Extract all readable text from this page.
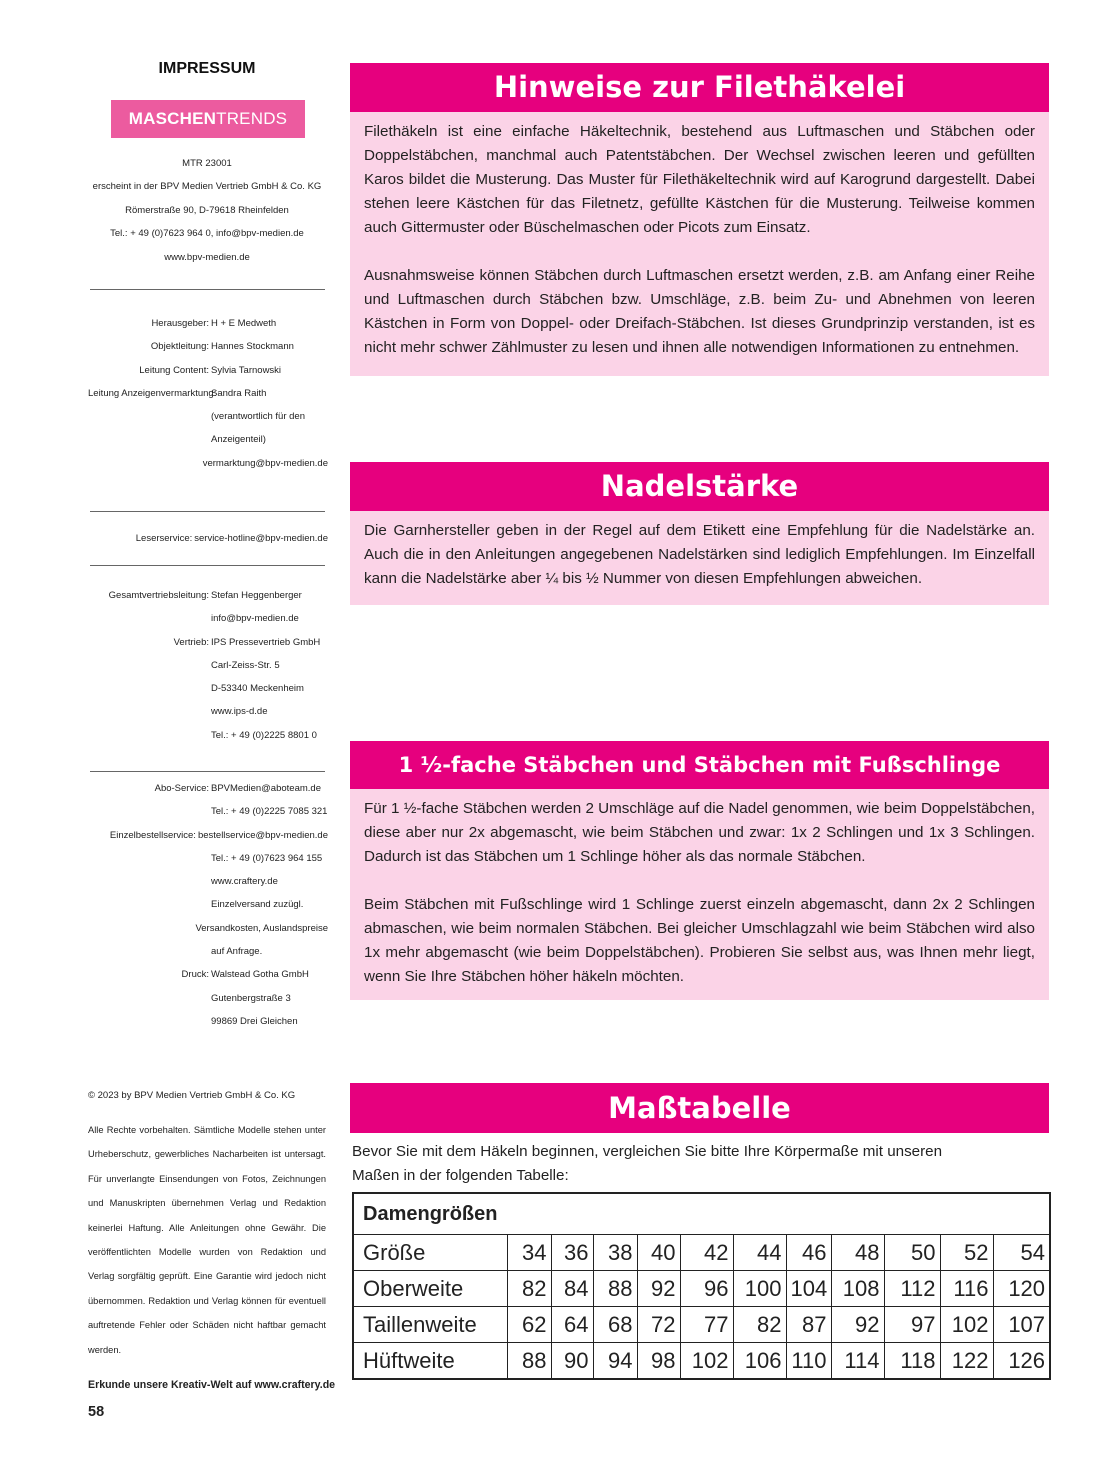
IMPRESSUM
MASCHEN TRENDS
MTR 23001
erscheint in der BPV Medien Vertrieb GmbH & Co. KG
Römerstraße 90, D-79618 Rheinfelden
Tel.: + 49 (0)7623 964 0, info@bpv-medien.de
www.bpv-medien.de
Herausgeber: H + E Medweth
Objektleitung: Hannes Stockmann
Leitung Content: Sylvia Tarnowski
Leitung Anzeigenvermarktung:
Sandra Raith
(verantwortlich für den
Anzeigenteil)
vermarktung@bpv-medien.de
Leserservice: service-hotline@bpv-medien.de
Gesamtvertriebsleitung: Stefan Heggenberger
info@bpv-medien.de
Vertrieb: IPS Pressevertrieb GmbH
Carl-Zeiss-Str. 5
D-53340 Meckenheim
www.ips-d.de
Tel.: + 49 (0)2225 8801 0
Abo-Service: BPVMedien@aboteam.de
Tel.: + 49 (0)2225 7085 321
Einzelbestellservice: bestellservice@bpv-medien.de
Tel.: + 49 (0)7623 964 155
www.craftery.de
Einzelversand zuzügl.
Versandkosten, Auslandspreise
auf Anfrage.
Druck: Walstead Gotha GmbH
Gutenbergstraße 3
99869 Drei Gleichen
© 2023 by BPV Medien Vertrieb GmbH & Co. KG
Alle Rechte vorbehalten. Sämtliche Modelle stehen unter Urheberschutz, gewerbliches Nacharbeiten ist untersagt. Für unverlangte Einsendungen von Fotos, Zeichnungen und Manuskripten übernehmen Verlag und Redaktion keinerlei Haftung. Alle Anleitungen ohne Gewähr. Die veröffentlichten Modelle wurden von Redaktion und Verlag sorgfältig geprüft. Eine Garantie wird jedoch nicht übernommen. Redaktion und Verlag können für eventuell auftretende Fehler oder Schäden nicht haftbar gemacht werden.
Erkunde unsere Kreativ-Welt auf www.craftery.de
58
Hinweise zur Filethäkelei

Filethäkeln ist eine einfache Häkeltechnik, bestehend aus Luftmaschen und Stäbchen oder Doppelstäbchen, manchmal auch Patentstäbchen. Der Wechsel zwischen leeren und gefüllten Karos bildet die Musterung. Das Muster für Filethäkeltechnik wird auf Karogrund dargestellt. Dabei stehen leere Kästchen für das Filetnetz, gefüllte Kästchen für die Musterung. Teilweise kommen auch Gittermuster oder Büschelmaschen oder Picots zum Einsatz.

Ausnahmsweise können Stäbchen durch Luftmaschen ersetzt werden, z.B. am Anfang einer Reihe und Luftmaschen durch Stäbchen bzw. Umschläge, z.B. beim Zu- und Abnehmen von leeren Kästchen in Form von Doppel- oder Dreifach-Stäbchen. Ist dieses Grundprinzip verstanden, ist es nicht mehr schwer Zählmuster zu lesen und ihnen alle notwendigen Informationen zu entnehmen.

Nadelstärke

Die Garnhersteller geben in der Regel auf dem Etikett eine Empfehlung für die Nadelstärke an. Auch die in den Anleitungen angegebenen Nadelstärken sind lediglich Empfehlungen. Im Einzelfall kann die Nadelstärke aber ¼ bis ½ Nummer von diesen Empfehlungen abweichen.

1 ½-fache Stäbchen und Stäbchen mit Fußschlinge

Für 1 ½-fache Stäbchen werden 2 Umschläge auf die Nadel genommen, wie beim Doppelstäbchen, diese aber nur 2x abgemascht, wie beim Stäbchen und zwar: 1x 2 Schlingen und 1x 3 Schlingen. Dadurch ist das Stäbchen um 1 Schlinge höher als das normale Stäbchen.

Beim Stäbchen mit Fußschlinge wird 1 Schlinge zuerst einzeln abgemascht, dann 2x 2 Schlingen abmaschen, wie beim normalen Stäbchen. Bei gleicher Umschlagzahl wie beim Stäbchen wird also 1x mehr abgemascht (wie beim Doppelstäbchen). Probieren Sie selbst aus, was Ihnen mehr liegt, wenn Sie Ihre Stäbchen höher häkeln möchten.

Maßtabelle
Bevor Sie mit dem Häkeln beginnen, vergleichen Sie bitte Ihre Körpermaße mit unseren Maßen in der folgenden Tabelle:
Damengrößen											
Größe	34	36	38	40	42	44	46	48	50	52	54
Oberweite	82	84	88	92	96	100	104	108	112	116	120
Taillenweite	62	64	68	72	77	82	87	92	97	102	107
Hüftweite	88	90	94	98	102	106	110	114	118	122	126
